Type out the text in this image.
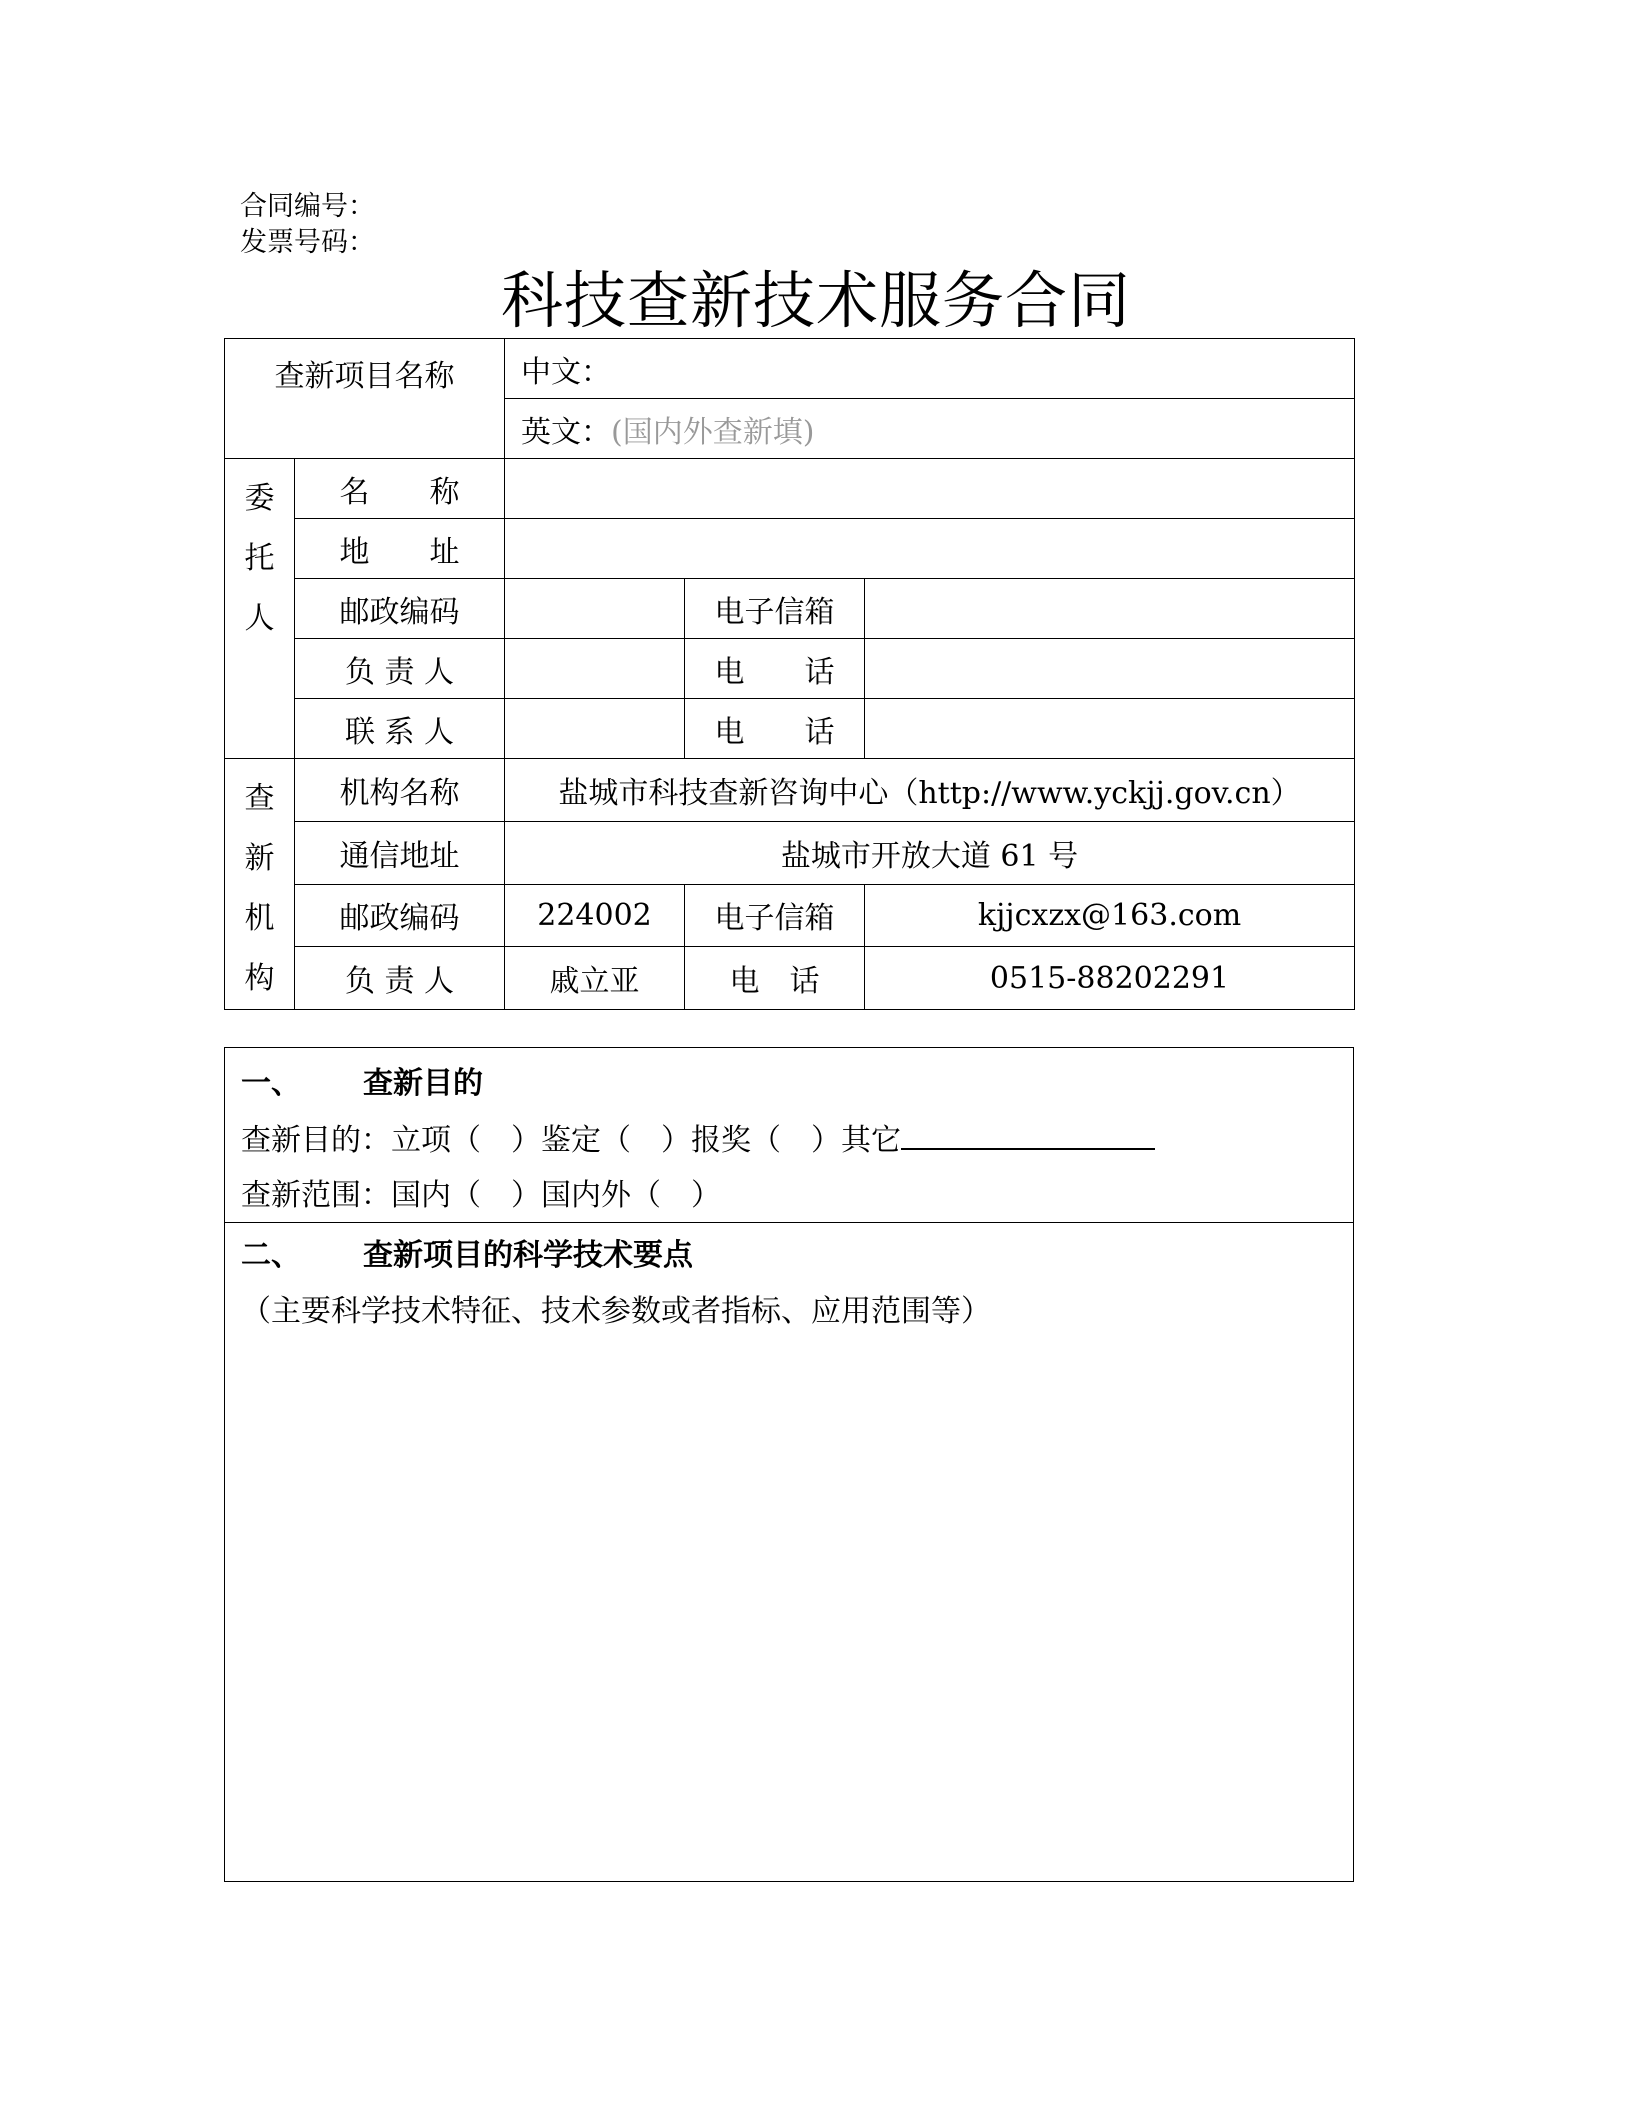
合同编号：
发票号码：
科技查新技术服务合同
查新项目名称	中文：
英文：(国内外查新填)
委
托
人	名　　称			
	地　　址			
	邮政编码		电子信箱	
	负 责 人		电　　话	
	联 系 人		电　　话	

查
新
机
构	机构名称	盐城市科技查新咨询中心（http://www.yckjj.gov.cn）		
	通信地址	盐城市开放大道 61 号		
	邮政编码	224002	电子信箱	kjjcxzx@163.com
	负 责 人	戚立亚	电　话	0515-88202291
一、 查新目的
查新目的：立项（　）鉴定（　）报奖（　）其它
查新范围：国内（　）国内外（　）
二、 查新项目的科学技术要点
（主要科学技术特征、技术参数或者指标、应用范围等）
